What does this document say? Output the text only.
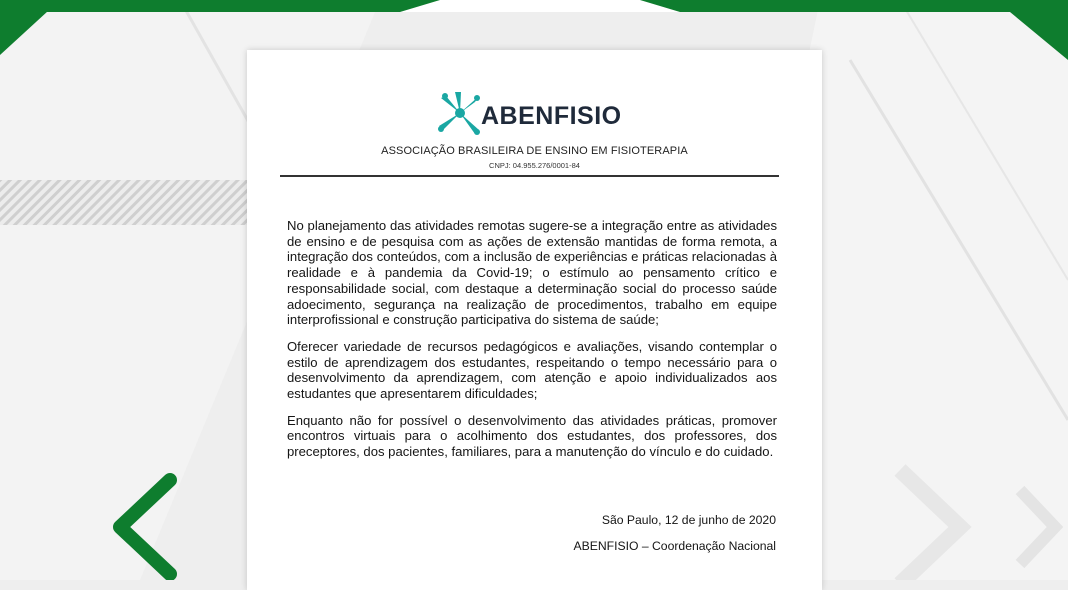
ABENFISIO
ASSOCIAÇÃO BRASILEIRA DE ENSINO EM FISIOTERAPIA
CNPJ: 04.955.276/0001-84

No planejamento das atividades remotas sugere-se a integração entre as atividades de ensino e de pesquisa com as ações de extensão mantidas de forma remota, a integração dos conteúdos, com a inclusão de experiências e práticas relacionadas à realidade e à pandemia da Covid-19; o estímulo ao pensamento crítico e responsabilidade social, com destaque a determinação social do processo saúde adoecimento, segurança na realização de procedimentos, trabalho em equipe interprofissional e construção participativa do sistema de saúde;

Oferecer variedade de recursos pedagógicos e avaliações, visando contemplar o estilo de aprendizagem dos estudantes, respeitando o tempo necessário para o desenvolvimento da aprendizagem, com atenção e apoio individualizados aos estudantes que apresentarem dificuldades;

Enquanto não for possível o desenvolvimento das atividades práticas, promover encontros virtuais para o acolhimento dos estudantes, dos professores, dos preceptores, dos pacientes, familiares, para a manutenção do vínculo e do cuidado.

São Paulo, 12 de junho de 2020
ABENFISIO – Coordenação Nacional
